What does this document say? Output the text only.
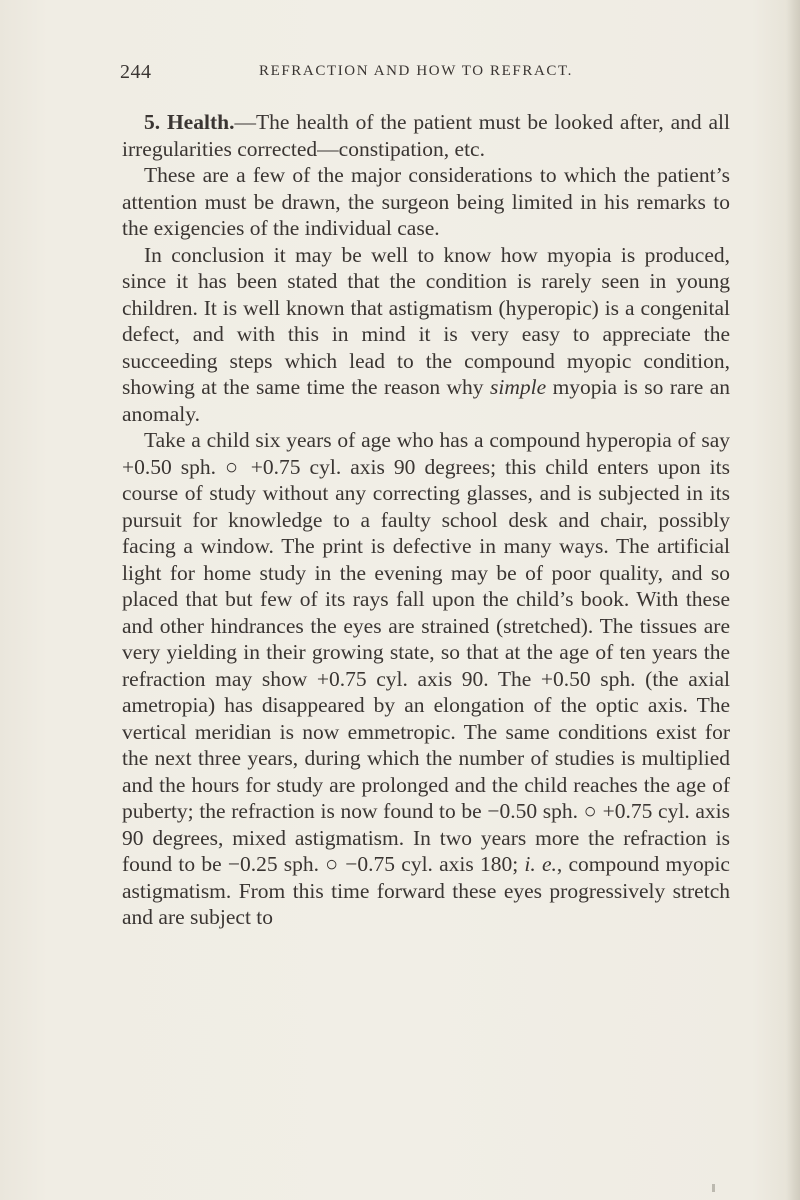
244	REFRACTION AND HOW TO REFRACT.

5. Health.—The health of the patient must be looked after, and all irregularities corrected—constipation, etc.

These are a few of the major considerations to which the patient’s attention must be drawn, the surgeon being limited in his remarks to the exigencies of the individual case.

In conclusion it may be well to know how myopia is produced, since it has been stated that the condition is rarely seen in young children. It is well known that astigmatism (hyperopic) is a congenital defect, and with this in mind it is very easy to appreciate the succeeding steps which lead to the compound myopic condition, showing at the same time the reason why simple myopia is so rare an anomaly.

Take a child six years of age who has a compound hyperopia of say +0.50 sph. ○ +0.75 cyl. axis 90 degrees; this child enters upon its course of study without any correcting glasses, and is subjected in its pursuit for knowledge to a faulty school desk and chair, possibly facing a window. The print is defective in many ways. The artificial light for home study in the evening may be of poor quality, and so placed that but few of its rays fall upon the child’s book. With these and other hindrances the eyes are strained (stretched). The tissues are very yielding in their growing state, so that at the age of ten years the refraction may show +0.75 cyl. axis 90. The +0.50 sph. (the axial ametropia) has disappeared by an elongation of the optic axis. The vertical meridian is now emmetropic. The same conditions exist for the next three years, during which the number of studies is multiplied and the hours for study are prolonged and the child reaches the age of puberty; the refraction is now found to be −0.50 sph. ○ +0.75 cyl. axis 90 degrees, mixed astigmatism. In two years more the refraction is found to be −0.25 sph. ○ −0.75 cyl. axis 180; i. e., compound myopic astigmatism. From this time forward these eyes progressively stretch and are subject to
